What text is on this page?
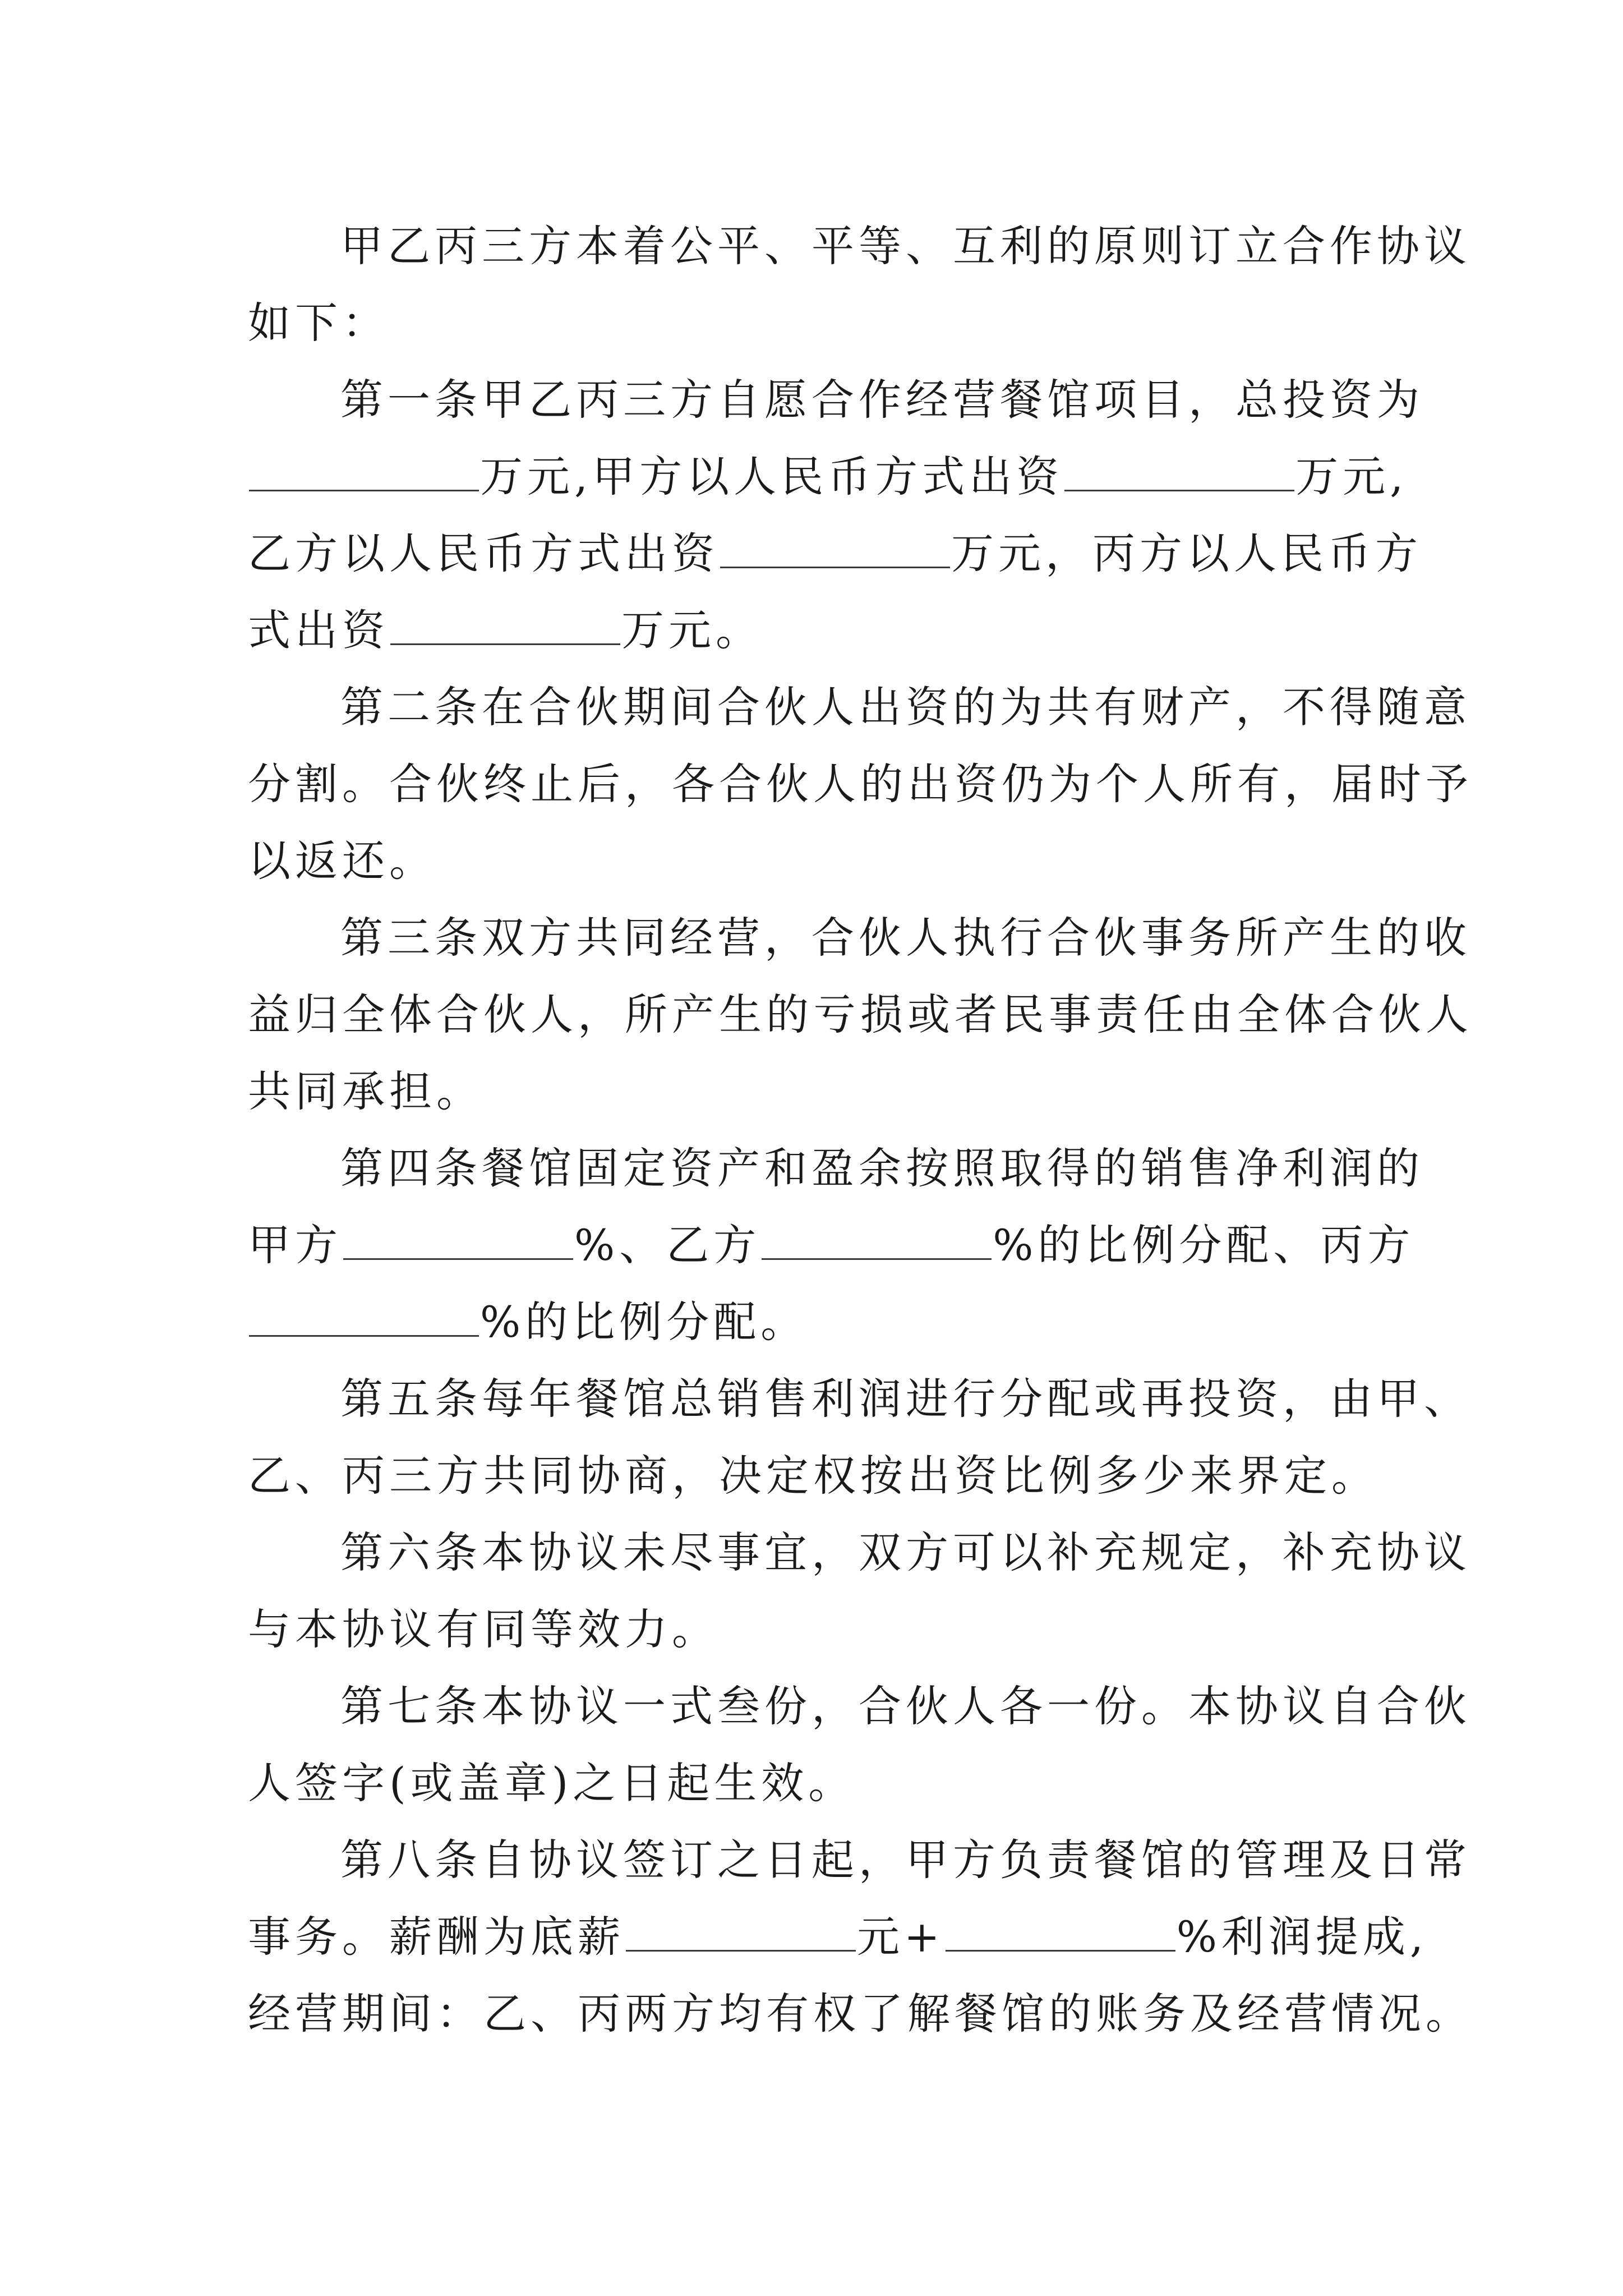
甲乙丙三方本着公平、平等、互利的原则订立合作协议
如下：
第一条甲乙丙三方自愿合作经营餐馆项目，总投资为
万元,甲方以人民币方式出资	万元,
乙方以人民币方式出资	万元，丙方以人民币方
式出资	万元。
第二条在合伙期间合伙人出资的为共有财产，不得随意
分割。合伙终止后，各合伙人的出资仍为个人所有，届时予
以返还。
第三条双方共同经营，合伙人执行合伙事务所产生的收
益归全体合伙人，所产生的亏损或者民事责任由全体合伙人
共同承担。
第四条餐馆固定资产和盈余按照取得的销售净利润的
甲方	%、乙方	%的比例分配、丙方
%的比例分配。
第五条每年餐馆总销售利润进行分配或再投资，由甲、
乙、丙三方共同协商，决定权按出资比例多少来界定。
第六条本协议未尽事宜，双方可以补充规定，补充协议
与本协议有同等效力。
第七条本协议一式叁份，合伙人各一份。本协议自合伙
人签字(或盖章)之日起生效。
第八条自协议签订之日起，甲方负责餐馆的管理及日常
事务。薪酬为底薪	元+	%利润提成,
经营期间：乙、丙两方均有权了解餐馆的账务及经营情况。
